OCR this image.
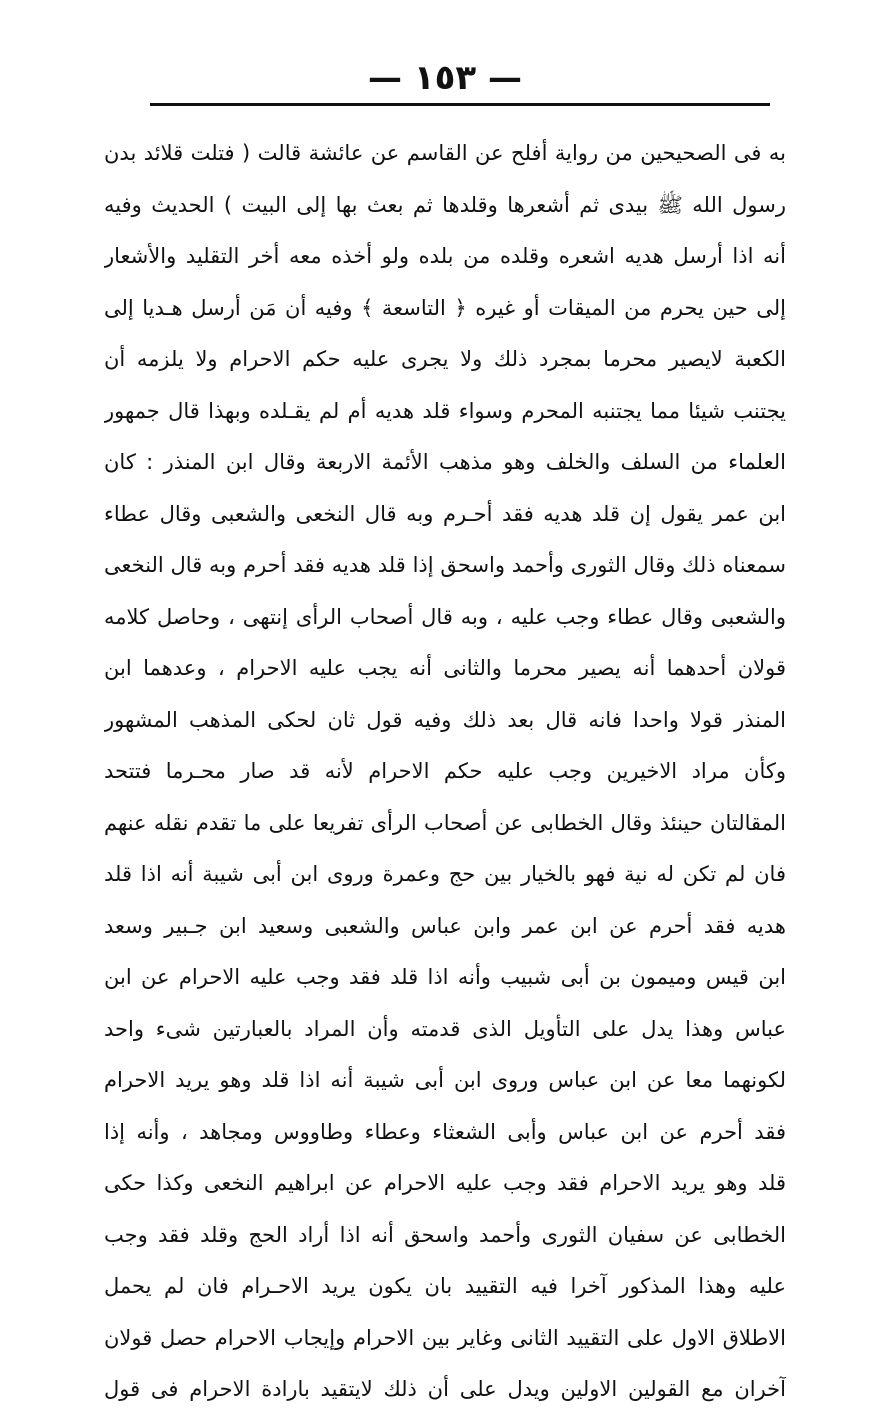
— ١٥٣ —
به فى الصحيحين من رواية أفلح عن القاسم عن عائشة قالت ( فتلت قلائد بدن
رسول الله ﷺ بيدى ثم أشعرها وقلدها ثم بعث بها إلى البيت ) الحديث وفيه
أنه اذا أرسل هديه اشعره وقلده من بلده ولو أخذه معه أخر التقليد والأشعار
إلى حين يحرم من الميقات أو غيره ﴿ التاسعة ﴾ وفيه أن مَن أرسل هـديا إلى
الكعبة لايصير محرما بمجرد ذلك ولا يجرى عليه حكم الاحرام ولا يلزمه أن
يجتنب شيئا مما يجتنبه المحرم وسواء قلد هديه أم لم يقـلده وبهذا قال جمهور
العلماء من السلف والخلف وهو مذهب الأئمة الاربعة وقال ابن المنذر : كان
ابن عمر يقول إن قلد هديه فقد أحـرم وبه قال النخعى والشعبى وقال عطاء
سمعناه ذلك وقال الثورى وأحمد واسحق إذا قلد هديه فقد أحرم وبه قال النخعى
والشعبى وقال عطاء وجب عليه ، وبه قال أصحاب الرأى إنتهى ، وحاصل كلامه
قولان أحدهما أنه يصير محرما والثانى أنه يجب عليه الاحرام ، وعدهما ابن
المنذر قولا واحدا فانه قال بعد ذلك وفيه قول ثان لحكى المذهب المشهور
وكأن مراد الاخيرين وجب عليه حكم الاحرام لأنه قد صار محـرما فتتحد
المقالتان حينئذ وقال الخطابى عن أصحاب الرأى تفريعا على ما تقدم نقله عنهم
فان لم تكن له نية فهو بالخيار بين حج وعمرة وروى ابن أبى شيبة أنه اذا قلد
هديه فقد أحرم عن ابن عمر وابن عباس والشعبى وسعيد ابن جـبير وسعد
ابن قيس وميمون بن أبى شبيب وأنه اذا قلد فقد وجب عليه الاحرام عن ابن
عباس وهذا يدل على التأويل الذى قدمته وأن المراد بالعبارتين شىء واحد
لكونهما معا عن ابن عباس وروى ابن أبى شيبة أنه اذا قلد وهو يريد الاحرام
فقد أحرم عن ابن عباس وأبى الشعثاء وعطاء وطاووس ومجاهد ، وأنه إذا
قلد وهو يريد الاحرام فقد وجب عليه الاحرام عن ابراهيم النخعى وكذا حكى
الخطابى عن سفيان الثورى وأحمد واسحق أنه اذا أراد الحج وقلد فقد وجب
عليه وهذا المذكور آخرا فيه التقييد بان يكون يريد الاحـرام فان لم يحمل
الاطلاق الاول على التقييد الثانى وغاير بين الاحرام وإيجاب الاحرام حصل قولان
آخران مع القولين الاولين ويدل على أن ذلك لايتقيد بارادة الاحرام فى قول
